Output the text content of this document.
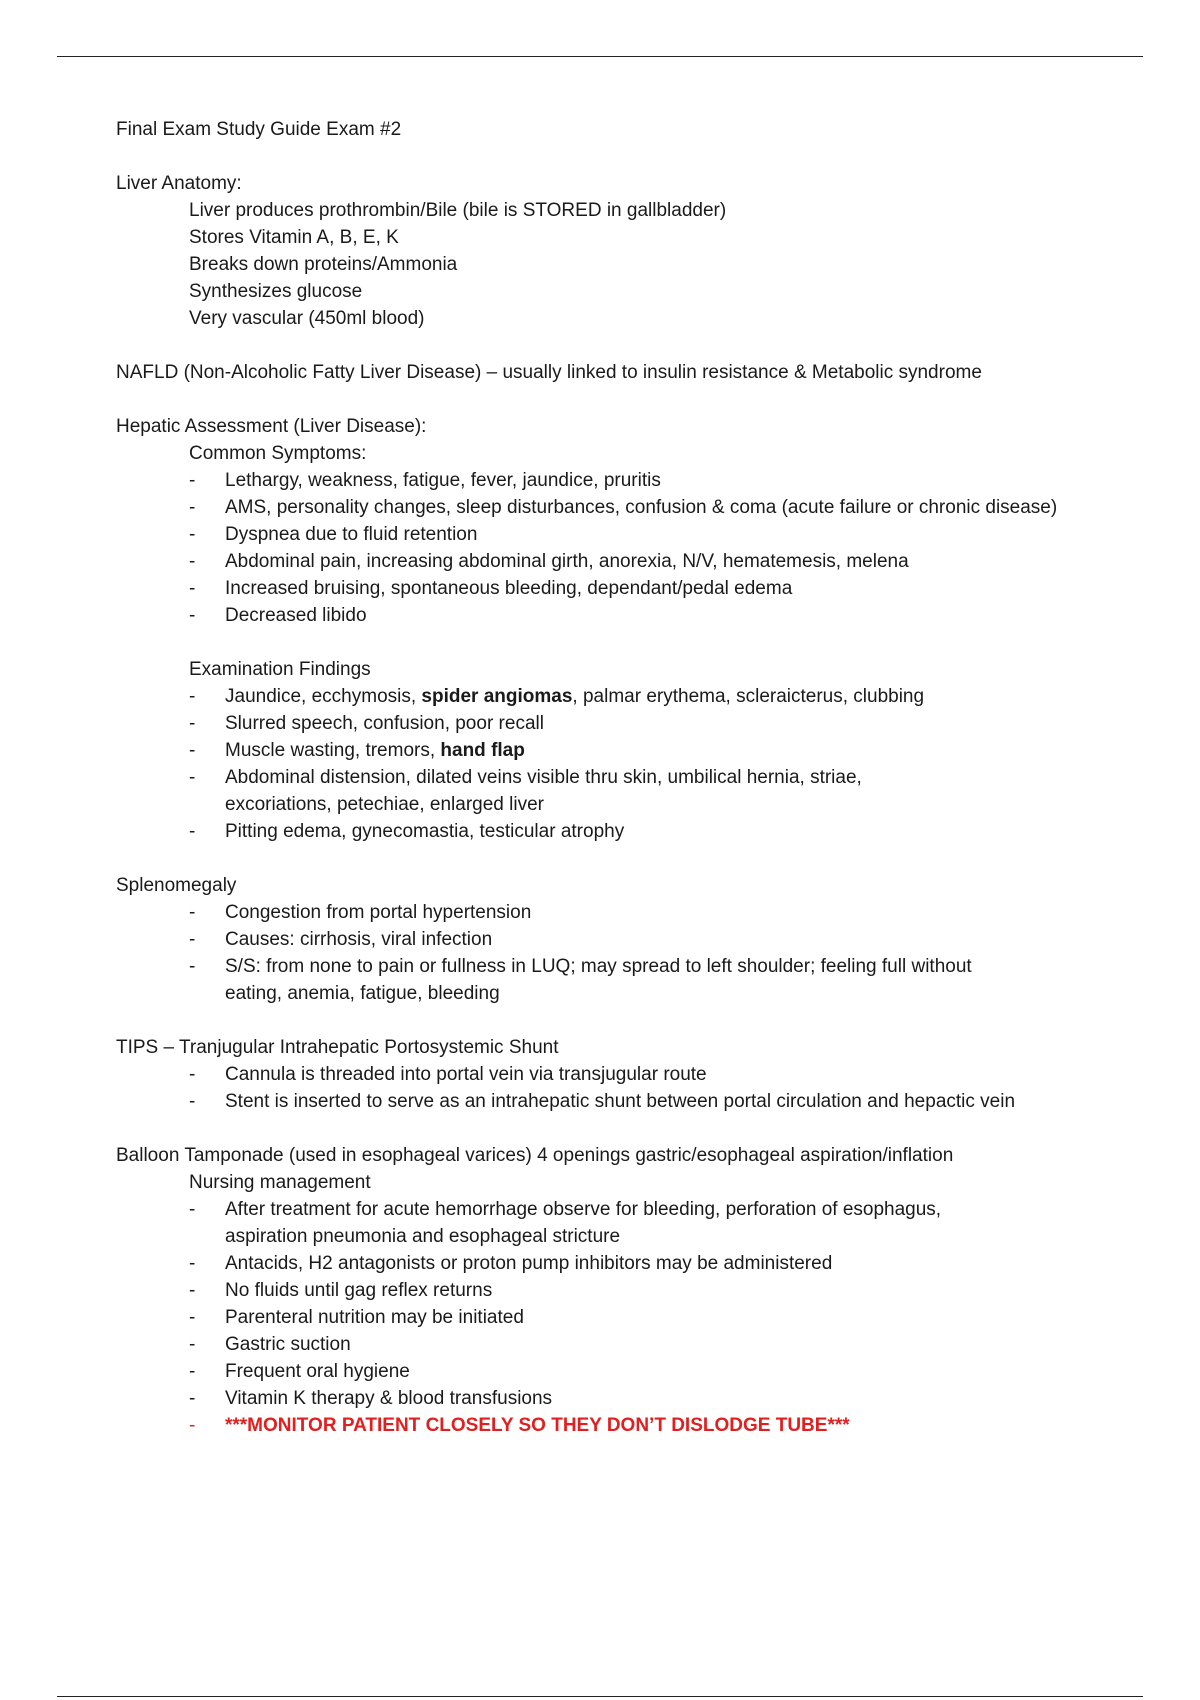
Final Exam Study Guide Exam #2
Liver Anatomy:
Liver produces prothrombin/Bile (bile is STORED in gallbladder)
Stores Vitamin A, B, E, K
Breaks down proteins/Ammonia
Synthesizes glucose
Very vascular (450ml blood)
NAFLD (Non-Alcoholic Fatty Liver Disease) – usually linked to insulin resistance & Metabolic syndrome
Hepatic Assessment (Liver Disease):
Common Symptoms:
- Lethargy, weakness, fatigue, fever, jaundice, pruritis
- AMS, personality changes, sleep disturbances, confusion & coma (acute failure or chronic disease)
- Dyspnea due to fluid retention
- Abdominal pain, increasing abdominal girth, anorexia, N/V, hematemesis, melena
- Increased bruising, spontaneous bleeding, dependant/pedal edema
- Decreased libido
Examination Findings
- Jaundice, ecchymosis, spider angiomas, palmar erythema, scleraicterus, clubbing
- Slurred speech, confusion, poor recall
- Muscle wasting, tremors, hand flap
- Abdominal distension, dilated veins visible thru skin, umbilical hernia, striae,
excoriations, petechiae, enlarged liver
- Pitting edema, gynecomastia, testicular atrophy
Splenomegaly
- Congestion from portal hypertension
- Causes: cirrhosis, viral infection
- S/S: from none to pain or fullness in LUQ; may spread to left shoulder; feeling full without
eating, anemia, fatigue, bleeding
TIPS – Tranjugular Intrahepatic Portosystemic Shunt
- Cannula is threaded into portal vein via transjugular route
- Stent is inserted to serve as an intrahepatic shunt between portal circulation and hepactic vein
Balloon Tamponade (used in esophageal varices) 4 openings gastric/esophageal aspiration/inflation
Nursing management
- After treatment for acute hemorrhage observe for bleeding, perforation of esophagus,
aspiration pneumonia and esophageal stricture
- Antacids, H2 antagonists or proton pump inhibitors may be administered
- No fluids until gag reflex returns
- Parenteral nutrition may be initiated
- Gastric suction
- Frequent oral hygiene
- Vitamin K therapy & blood transfusions
- ***MONITOR PATIENT CLOSELY SO THEY DON’T DISLODGE TUBE***
